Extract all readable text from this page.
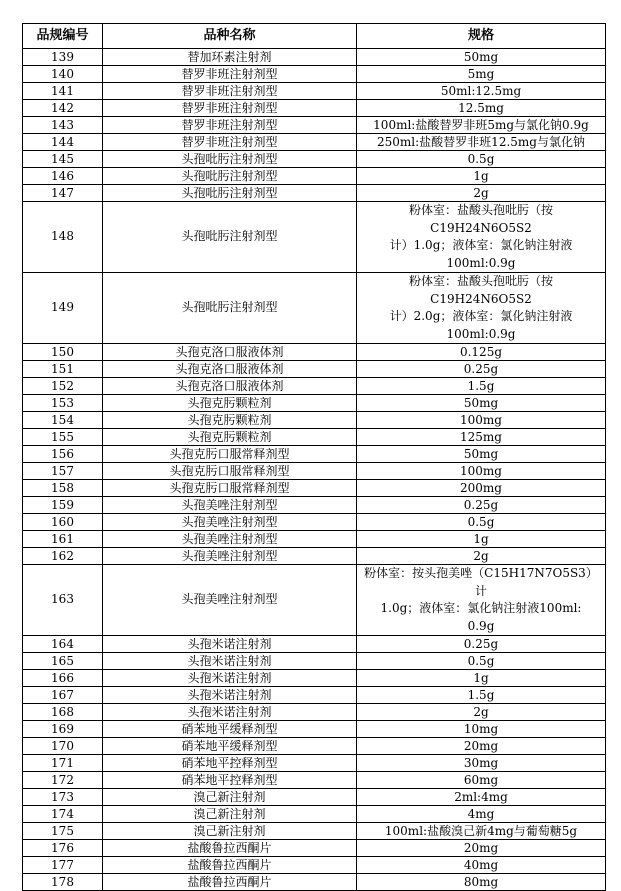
品规编号	品种名称	规格
139	替加环素注射剂	50mg

140	替罗非班注射剂型	5mg

141	替罗非班注射剂型	50ml:12.5mg

142	替罗非班注射剂型	12.5mg

143	替罗非班注射剂型	100ml:盐酸替罗非班5mg与氯化钠0.9g

144	替罗非班注射剂型	250ml:盐酸替罗非班12.5mg与氯化钠

145	头孢吡肟注射剂型	0.5g

146	头孢吡肟注射剂型	1g

147	头孢吡肟注射剂型	2g

148	头孢吡肟注射剂型	粉体室：盐酸头孢吡肟（按C19H24N6O5S2
计）1.0g；液体室：氯化钠注射液
100ml:0.9g

149	头孢吡肟注射剂型	粉体室：盐酸头孢吡肟（按C19H24N6O5S2
计）2.0g；液体室：氯化钠注射液
100ml:0.9g

150	头孢克洛口服液体剂	0.125g

151	头孢克洛口服液体剂	0.25g

152	头孢克洛口服液体剂	1.5g

153	头孢克肟颗粒剂	50mg

154	头孢克肟颗粒剂	100mg

155	头孢克肟颗粒剂	125mg

156	头孢克肟口服常释剂型	50mg

157	头孢克肟口服常释剂型	100mg

158	头孢克肟口服常释剂型	200mg

159	头孢美唑注射剂型	0.25g

160	头孢美唑注射剂型	0.5g

161	头孢美唑注射剂型	1g

162	头孢美唑注射剂型	2g

163	头孢美唑注射剂型	粉体室：按头孢美唑（C15H17N7O5S3）计
1.0g；液体室：氯化钠注射液100ml:
0.9g

164	头孢米诺注射剂	0.25g

165	头孢米诺注射剂	0.5g

166	头孢米诺注射剂	1g

167	头孢米诺注射剂	1.5g

168	头孢米诺注射剂	2g

169	硝苯地平缓释剂型	10mg

170	硝苯地平缓释剂型	20mg

171	硝苯地平控释剂型	30mg

172	硝苯地平控释剂型	60mg

173	溴己新注射剂	2ml:4mg

174	溴己新注射剂	4mg

175	溴己新注射剂	100ml:盐酸溴己新4mg与葡萄糖5g

176	盐酸鲁拉西酮片	20mg

177	盐酸鲁拉西酮片	40mg

178	盐酸鲁拉西酮片	80mg
